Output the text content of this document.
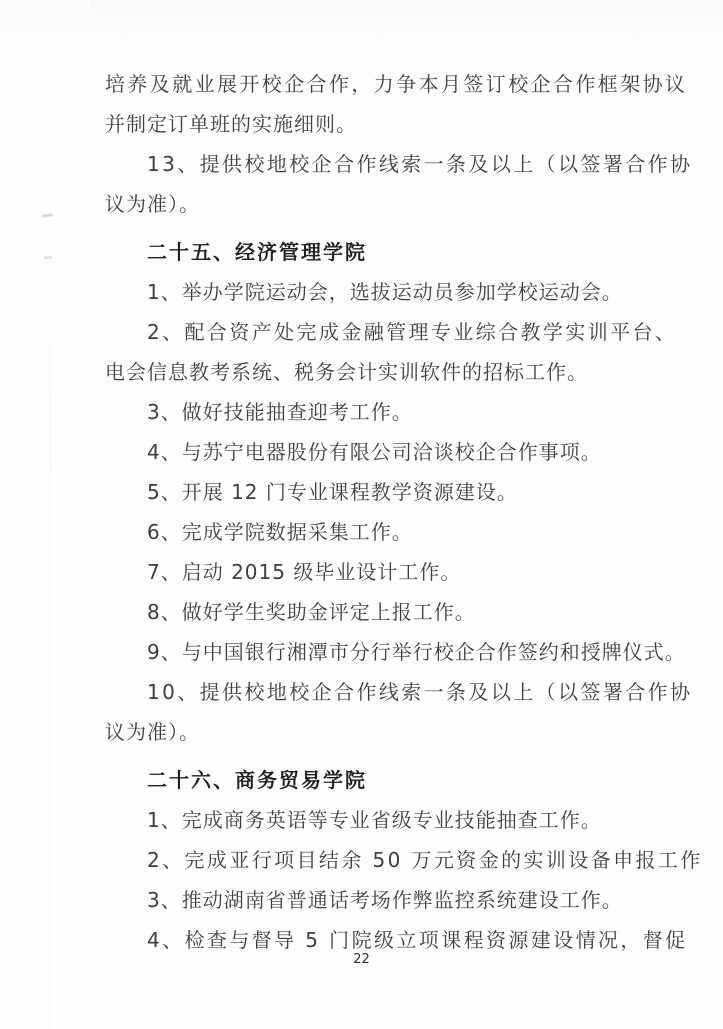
培养及就业展开校企合作，力争本月签订校企合作框架协议
并制定订单班的实施细则。
13、提供校地校企合作线索一条及以上（以签署合作协
议为准）。
二十五、经济管理学院
1、举办学院运动会，选拔运动员参加学校运动会。
2、配合资产处完成金融管理专业综合教学实训平台、
电会信息教考系统、税务会计实训软件的招标工作。
3、做好技能抽查迎考工作。
4、与苏宁电器股份有限公司洽谈校企合作事项。
5、开展 12 门专业课程教学资源建设。
6、完成学院数据采集工作。
7、启动 2015 级毕业设计工作。
8、做好学生奖助金评定上报工作。
9、与中国银行湘潭市分行举行校企合作签约和授牌仪式。
10、提供校地校企合作线索一条及以上（以签署合作协
议为准）。
二十六、商务贸易学院
1、完成商务英语等专业省级专业技能抽查工作。
2、完成亚行项目结余 50 万元资金的实训设备申报工作
3、推动湖南省普通话考场作弊监控系统建设工作。
4、检查与督导 5 门院级立项课程资源建设情况，督促
22
